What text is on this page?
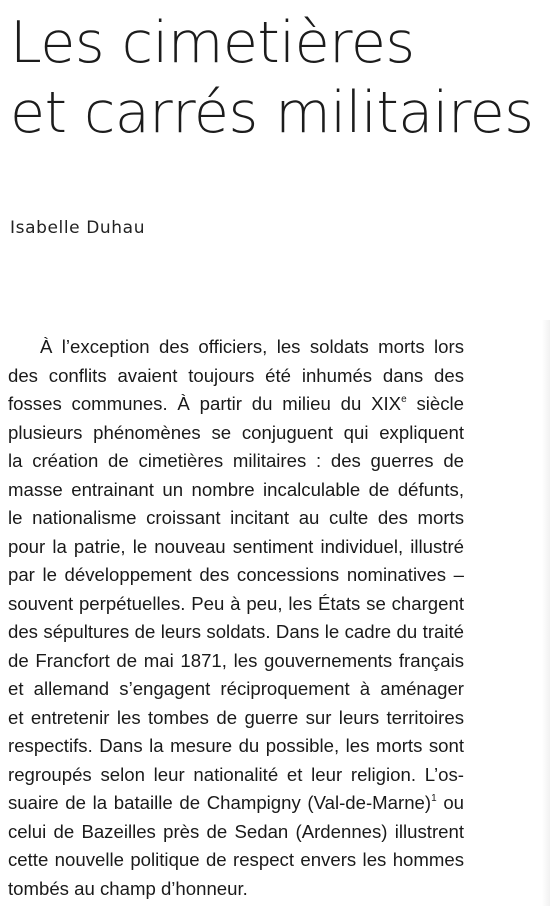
Les cimetières
et carrés militaires

Isabelle Duhau

À l’exception des officiers, les soldats morts lors
des conflits avaient toujours été inhumés dans des
fosses communes. À partir du milieu du XIXe siècle
plusieurs phénomènes se conjuguent qui expliquent
la création de cimetières militaires : des guerres de
masse entrainant un nombre incalculable de défunts,
le nationalisme croissant incitant au culte des morts
pour la patrie, le nouveau sentiment individuel, illustré
par le développement des concessions nominatives –
souvent perpétuelles. Peu à peu, les États se chargent
des sépultures de leurs soldats. Dans le cadre du traité
de Francfort de mai 1871, les gouvernements français
et allemand s’engagent réciproquement à aménager
et entretenir les tombes de guerre sur leurs territoires
respectifs. Dans la mesure du possible, les morts sont
regroupés selon leur nationalité et leur religion. L’os-
suaire de la bataille de Champigny (Val-de-Marne)$^1$ ou
celui de Bazeilles près de Sedan (Ardennes) illustrent
cette nouvelle politique de respect envers les hommes
tombés au champ d’honneur.
